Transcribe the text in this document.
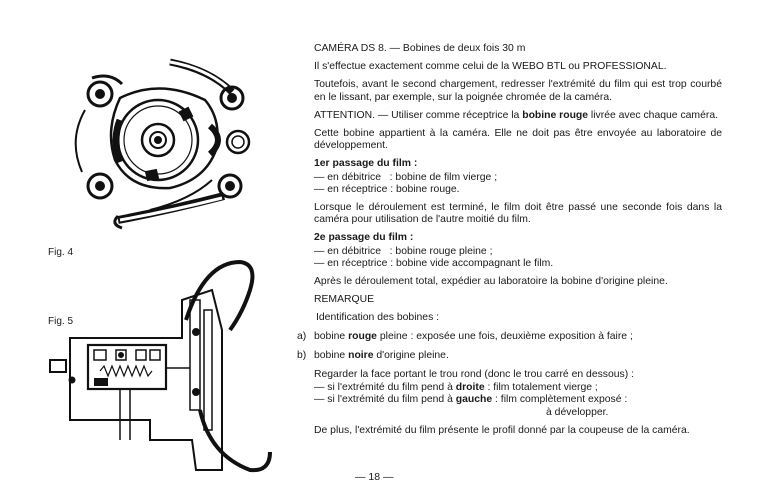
Fig. 4
Fig. 5

CAMÉRA DS 8. — Bobines de deux fois 30 m

Il s'effectue exactement comme celui de la WEBO BTL ou PROFESSIONAL.

Toutefois, avant le second chargement, redresser l'extrémité du film qui est trop courbé en le lissant, par exemple, sur la poignée chromée de la caméra.

ATTENTION. — Utiliser comme réceptrice la bobine rouge livrée avec chaque caméra.

Cette bobine appartient à la caméra. Elle ne doit pas être envoyée au laboratoire de développement.

1er passage du film :

— en débitrice   : bobine de film vierge ;
— en réceptrice : bobine rouge.

Lorsque le déroulement est terminé, le film doit être passé une seconde fois dans la caméra pour utilisation de l'autre moitié du film.

2e passage du film :

— en débitrice   : bobine rouge pleine ;
— en réceptrice : bobine vide accompagnant le film.

Après le déroulement total, expédier au laboratoire la bobine d'origine pleine.

REMARQUE

Identification des bobines :

a) bobine rouge pleine : exposée une fois, deuxième exposition à faire ;
b) bobine noire d'origine pleine.

Regarder la face portant le trou rond (donc le trou carré en dessous) :

— si l'extrémité du film pend à droite : film totalement vierge ;
— si l'extrémité du film pend à gauche : film complètement exposé :
à développer.

De plus, l'extrémité du film présente le profil donné par la coupeuse de la caméra.

— 18 —
